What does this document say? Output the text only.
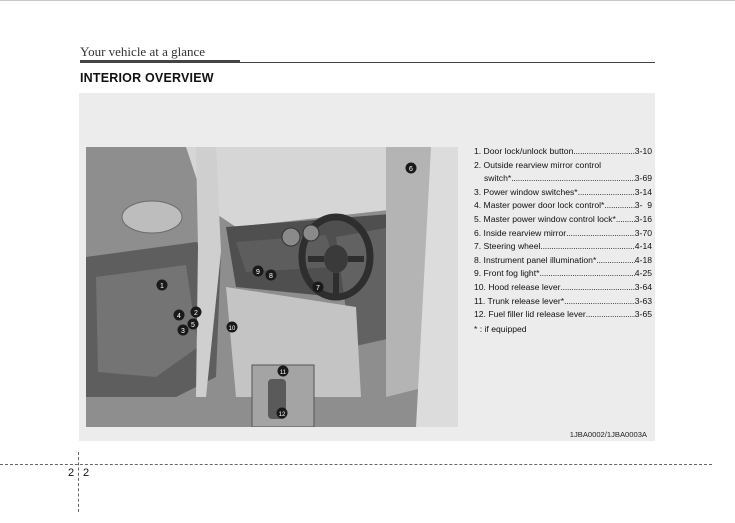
Your vehicle at a glance
INTERIOR OVERVIEW
1
2
3
4
5
6
7
8
9
10
11
12
1. Door lock/unlock button .....	3-10
2. Outside rearview mirror control
switch* .....	3-69
3. Power window switches* .....	3-14
4. Master power door lock control* .....	3-  9
5. Master power window control lock* ..... 3-16
6. Inside rearview mirror .....	3-70
7. Steering wheel .....	4-14
8. Instrument panel illumination* .....	4-18
9. Front fog light* .....	4-25
10. Hood release lever .....	3-64
11. Trunk release lever* .....	3-63
12. Fuel filler lid release lever .....	3-65
* : if equipped
1JBA0002/1JBA0003A
2 2
